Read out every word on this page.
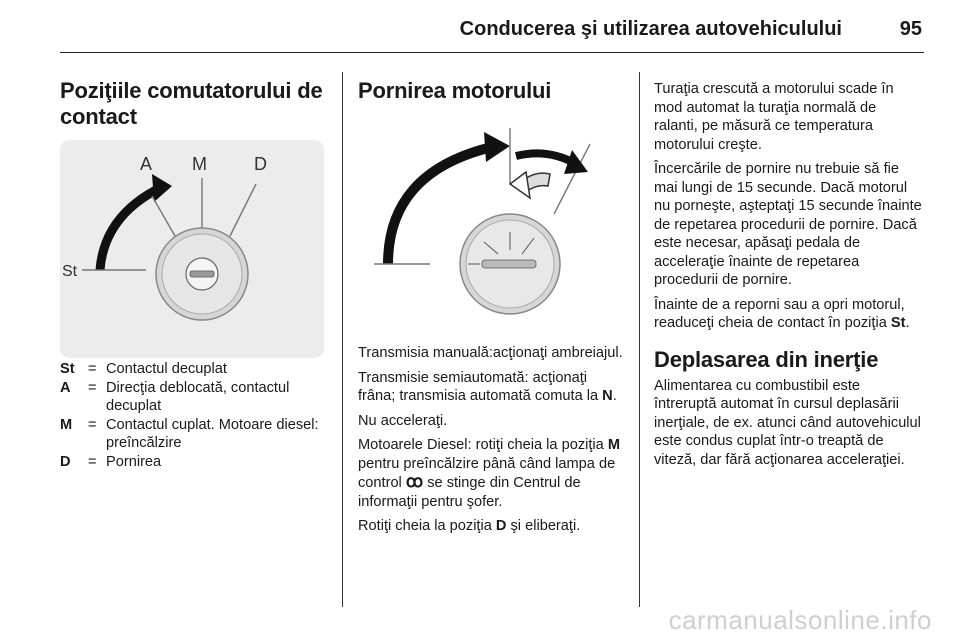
Conducerea şi utilizarea autovehiculului	95
Poziţiile comutatorului de contact
A M	D
St
St = Contactul decuplat
A	= Direcţia deblocată, contactul decuplat
M	= Contactul cuplat. Motoare diesel: preîncălzire
D	= Pornirea
Pornirea motorului

Transmisia manuală:acţionaţi ambreiajul.

Transmisie semiautomată: acţionaţi frâna; transmisia automată comuta la N.

Nu acceleraţi.

Motoarele Diesel: rotiţi cheia la poziţia M pentru preîncălzire până când lampa de control ꝏ se stinge din Centrul de informaţii pentru şofer.

Rotiţi cheia la poziţia D şi eliberaţi.

Turaţia crescută a motorului scade în mod automat la turaţia normală de ralanti, pe măsură ce temperatura motorului creşte.

Încercările de pornire nu trebuie să fie mai lungi de 15 secunde. Dacă motorul nu porneşte, aşteptaţi 15 secunde înainte de repetarea procedurii de pornire. Dacă este necesar, apăsaţi pedala de acceleraţie înainte de repetarea procedurii de pornire.

Înainte de a reporni sau a opri motorul, readuceţi cheia de contact în poziţia St.

Deplasarea din inerţie

Alimentarea cu combustibil este întreruptă automat în cursul deplasării inerţiale, de ex. atunci când autovehiculul este condus cuplat într-o treaptă de viteză, dar fără acţionarea acceleraţiei.

carmanualsonline.info
